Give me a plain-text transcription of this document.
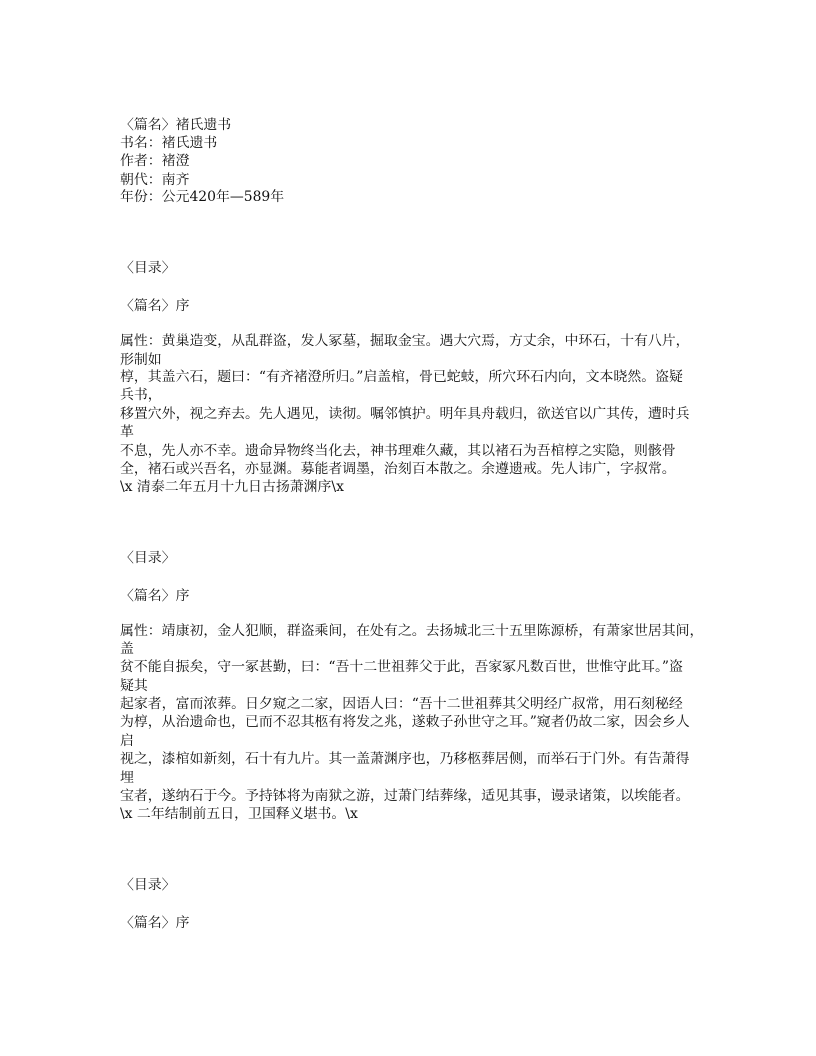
〈篇名〉褚氏遗书
书名：褚氏遗书
作者：褚澄
朝代：南齐
年份：公元420年—589年
〈目录〉
〈篇名〉序
属性：黄巢造变，从乱群盗，发人冢墓，掘取金宝。遇大穴焉，方丈余，中环石，十有八片，
形制如
椁，其盖六石，题曰：“有齐褚澄所归。”启盖棺，骨已蛇蚑，所穴环石内向，文本晓然。盗疑
兵书，
移置穴外，视之弃去。先人遇见，读彻。嘱邻慎护。明年具舟载归，欲送官以广其传，遭时兵
革
不息，先人亦不幸。遗命异物终当化去，神书理难久藏，其以褚石为吾棺椁之实隐，则骸骨
全，褚石或兴吾名，亦显渊。募能者调墨，治刻百本散之。余遵遗戒。先人讳广，字叔常。
\x 清泰二年五月十九日古扬萧渊序\x
〈目录〉
〈篇名〉序
属性：靖康初，金人犯顺，群盗乘间，在处有之。去扬城北三十五里陈源桥，有萧家世居其间，
盖
贫不能自振矣，守一冢甚勤，曰：“吾十二世祖葬父于此，吾家冢凡数百世，世惟守此耳。”盗
疑其
起家者，富而浓葬。日夕窥之二家，因语人曰：“吾十二世祖葬其父明经广叔常，用石刻秘经
为椁，从治遗命也，已而不忍其柩有将发之兆，遂敕子孙世守之耳。”窥者仍故二家，因会乡人
启
视之，漆棺如新刻，石十有九片。其一盖萧渊序也，乃移柩葬居侧，而举石于门外。有告萧得
埋
宝者，遂纳石于今。予持钵将为南狱之游，过萧门结葬缘，适见其事，谩录诸策，以埃能者。
\x 二年结制前五日，卫国释义堪书。\x
〈目录〉
〈篇名〉序
